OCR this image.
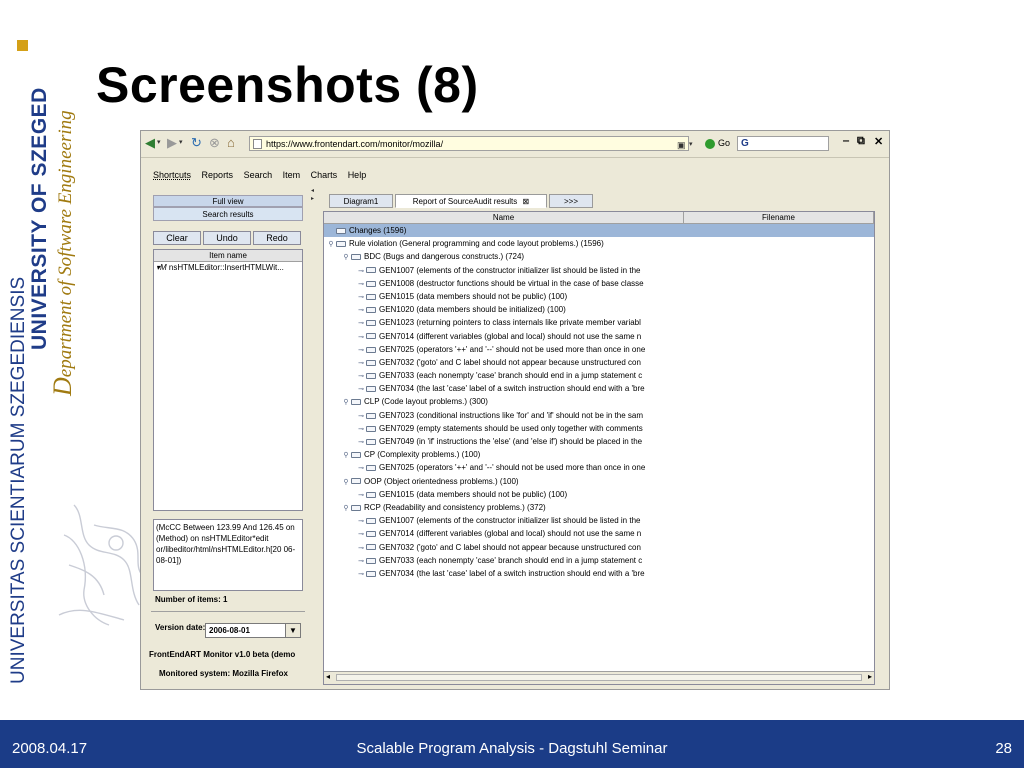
Screenshots (8)
UNIVERSITAS SCIENTIARUM SZEGEDIENSIS
UNIVERSITY OF SZEGED
Department of Software Engineering	◀ ▾ ▶ ▾ ↻ ⊗ ⌂	https://www.frontendart.com/monitor/mozilla/	▣ ▾	Go	G	‒ ⧉ ✕
Shortcuts Reports Search Item Charts Help
Full view
Search results
Clear	Undo	Redo
Item name
▾M nsHTMLEditor::InsertHTMLWit...
(McCC Between 123.99 And 126.45 on (Method) on nsHTMLEditor*edit or/libeditor/html/nsHTMLEditor.h[20 06-08-01])
Number of items: 1
Version date: 2006-08-01	▼
FrontEndART Monitor v1.0 beta (demo
Monitored system: Mozilla Firefox
◂
▸	Diagram1	Report of SourceAudit results ⊠	>>>
Name	Filename
Changes (1596)
⚲ Rule violation (General programming and code layout problems.) (1596)
⚲ BDC (Bugs and dangerous constructs.) (724)
⊸ GEN1007 (elements of the constructor initializer list should be listed in the
⊸ GEN1008 (destructor functions should be virtual in the case of base classe
⊸ GEN1015 (data members should not be public) (100)
⊸ GEN1020 (data members should be initialized) (100)
⊸ GEN1023 (returning pointers to class internals like private member variabl
⊸ GEN7014 (different variables (global and local) should not use the same n
⊸ GEN7025 (operators '++' and '--' should not be used more than once in one
⊸ GEN7032 ('goto' and C label should not appear because unstructured con
⊸ GEN7033 (each nonempty 'case' branch should end in a jump statement c
⊸ GEN7034 (the last 'case' label of a switch instruction should end with a 'bre
⚲ CLP (Code layout problems.) (300)
⊸ GEN7023 (conditional instructions like 'for' and 'if' should not be in the sam
⊸ GEN7029 (empty statements should be used only together with comments
⊸ GEN7049 (in 'if' instructions the 'else' (and 'else if') should be placed in the
⚲ CP (Complexity problems.) (100)
⊸ GEN7025 (operators '++' and '--' should not be used more than once in one
⚲ OOP (Object orientedness problems.) (100)
⊸ GEN1015 (data members should not be public) (100)
⚲ RCP (Readability and consistency problems.) (372)
⊸ GEN1007 (elements of the constructor initializer list should be listed in the
⊸ GEN7014 (different variables (global and local) should not use the same n
⊸ GEN7032 ('goto' and C label should not appear because unstructured con
⊸ GEN7033 (each nonempty 'case' branch should end in a jump statement c
⊸ GEN7034 (the last 'case' label of a switch instruction should end with a 'bre
◂	▸
2008.04.17	Scalable Program Analysis - Dagstuhl Seminar	28
